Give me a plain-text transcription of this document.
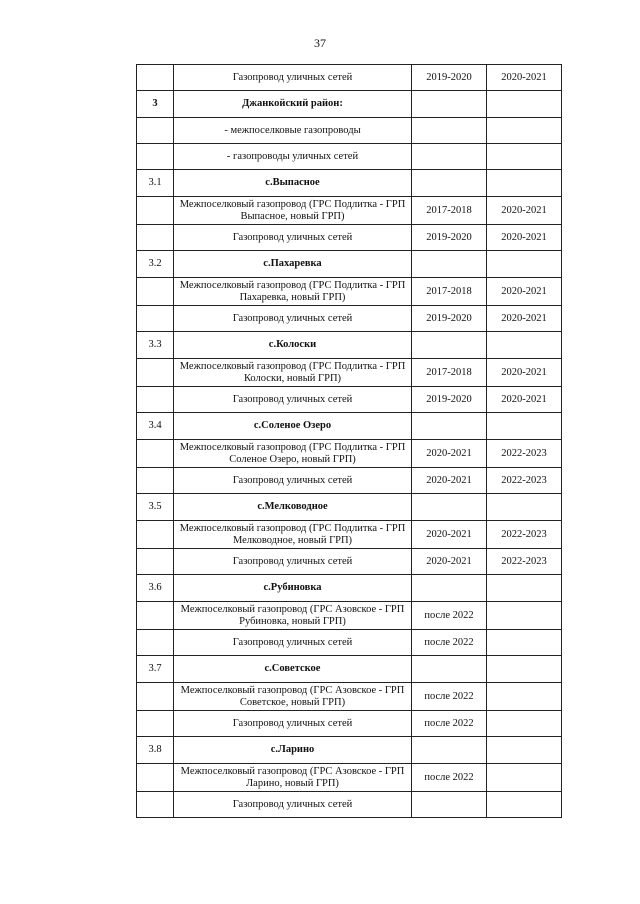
37
	Газопровод уличных сетей	2019-2020	2020-2021
3	Джанкойский район:		
	- межпоселковые газопроводы		
	- газопроводы уличных сетей		
3.1	с.Выпасное		
	Межпоселковый газопровод (ГРС Подлитка - ГРП Выпасное, новый ГРП)	2017-2018	2020-2021
	Газопровод уличных сетей	2019-2020	2020-2021
3.2	с.Пахаревка		
	Межпоселковый газопровод (ГРС Подлитка - ГРП Пахаревка, новый ГРП)	2017-2018	2020-2021
	Газопровод уличных сетей	2019-2020	2020-2021
3.3	с.Колоски		
	Межпоселковый газопровод (ГРС Подлитка - ГРП Колоски, новый ГРП)	2017-2018	2020-2021
	Газопровод уличных сетей	2019-2020	2020-2021
3.4	с.Соленое Озеро		
	Межпоселковый газопровод (ГРС Подлитка - ГРП Соленое Озеро, новый ГРП)	2020-2021	2022-2023
	Газопровод уличных сетей	2020-2021	2022-2023
3.5	с.Мелководное		
	Межпоселковый газопровод (ГРС Подлитка - ГРП Мелководное, новый ГРП)	2020-2021	2022-2023
	Газопровод уличных сетей	2020-2021	2022-2023
3.6	с.Рубиновка		
	Межпоселковый газопровод (ГРС Азовское - ГРП Рубиновка, новый ГРП)	после 2022	
	Газопровод уличных сетей	после 2022	
3.7	с.Советское		
	Межпоселковый газопровод (ГРС Азовское - ГРП Советское, новый ГРП)	после 2022	
	Газопровод уличных сетей	после 2022	
3.8	с.Ларино		
	Межпоселковый газопровод (ГРС Азовское - ГРП Ларино, новый ГРП)	после 2022	
	Газопровод уличных сетей		
